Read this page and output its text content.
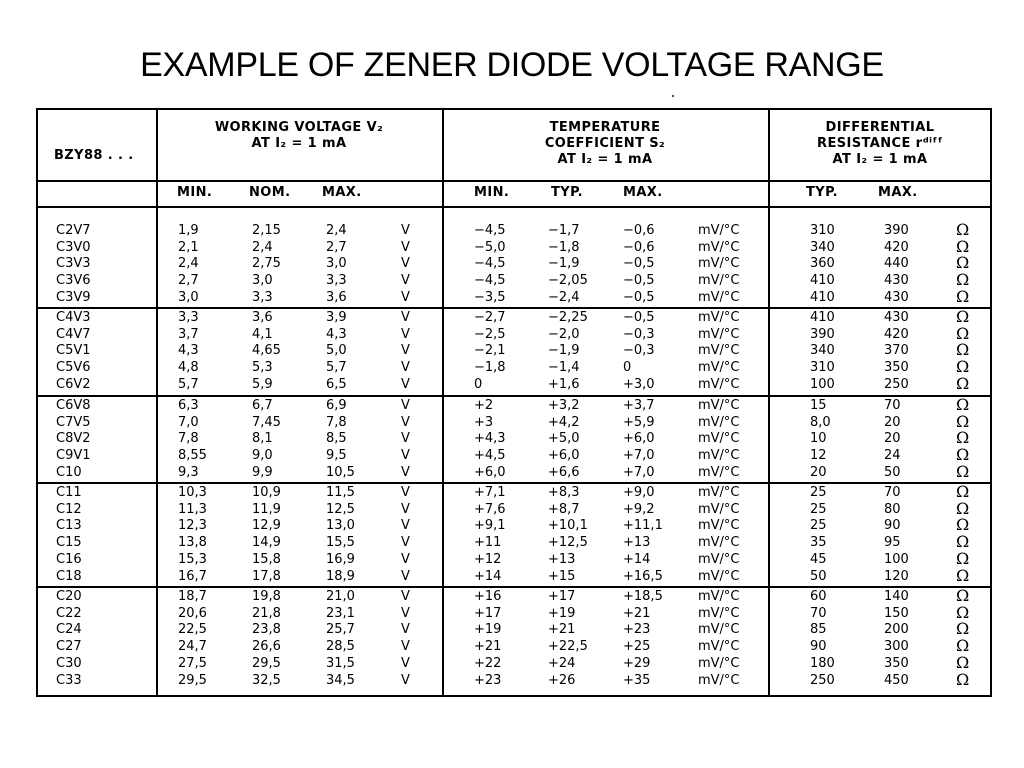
EXAMPLE OF ZENER DIODE VOLTAGE RANGE
BZY88 . . .
WORKING VOLTAGE V₂
AT I₂ = 1 mA
TEMPERATURE
COEFFICIENT S₂
AT I₂ = 1 mA
DIFFERENTIAL
RESISTANCE rᵈⁱᶠᶠ
AT I₂ = 1 mA
MIN.	NOM. MAX.	MIN.	TYP.	MAX.	TYP.	MAX.
C2V7	1,9	2,15	2,4	V	−4,5	−1,7	−0,6	mV/°C	310	390	Ω
C3V0	2,1	2,4	2,7	V	−5,0	−1,8	−0,6	mV/°C	340	420	Ω
C3V3	2,4	2,75	3,0	V	−4,5	−1,9	−0,5	mV/°C	360	440	Ω
C3V6	2,7	3,0	3,3	V	−4,5	−2,05	−0,5	mV/°C	410	430	Ω
C3V9	3,0	3,3	3,6	V	−3,5	−2,4	−0,5	mV/°C	410	430	Ω
C4V3	3,3	3,6	3,9	V	−2,7	−2,25	−0,5	mV/°C	410	430	Ω
C4V7	3,7	4,1	4,3	V	−2,5	−2,0	−0,3	mV/°C	390	420	Ω
C5V1	4,3	4,65	5,0	V	−2,1	−1,9	−0,3	mV/°C	340	370	Ω
C5V6	4,8	5,3	5,7	V	−1,8	−1,4	0	mV/°C	310	350	Ω
C6V2	5,7	5,9	6,5	V	0	+1,6	+3,0	mV/°C	100	250	Ω
C6V8	6,3	6,7	6,9	V	+2	+3,2	+3,7	mV/°C	15	70	Ω
C7V5	7,0	7,45	7,8	V	+3	+4,2	+5,9	mV/°C	8,0	20	Ω
C8V2	7,8	8,1	8,5	V	+4,3	+5,0	+6,0	mV/°C	10	20	Ω
C9V1	8,55	9,0	9,5	V	+4,5	+6,0	+7,0	mV/°C	12	24	Ω
C10	9,3	9,9	10,5	V	+6,0	+6,6	+7,0	mV/°C	20	50	Ω
C11	10,3	10,9	11,5	V	+7,1	+8,3	+9,0	mV/°C	25	70	Ω
C12	11,3	11,9	12,5	V	+7,6	+8,7	+9,2	mV/°C	25	80	Ω
C13	12,3	12,9	13,0	V	+9,1	+10,1	+11,1	mV/°C	25	90	Ω
C15	13,8	14,9	15,5	V	+11	+12,5	+13	mV/°C	35	95	Ω
C16	15,3	15,8	16,9	V	+12	+13	+14	mV/°C	45	100	Ω
C18	16,7	17,8	18,9	V	+14	+15	+16,5	mV/°C	50	120	Ω
C20	18,7	19,8	21,0	V	+16	+17	+18,5	mV/°C	60	140	Ω
C22	20,6	21,8	23,1	V	+17	+19	+21	mV/°C	70	150	Ω
C24	22,5	23,8	25,7	V	+19	+21	+23	mV/°C	85	200	Ω
C27	24,7	26,6	28,5	V	+21	+22,5	+25	mV/°C	90	300	Ω
C30	27,5	29,5	31,5	V	+22	+24	+29	mV/°C	180	350	Ω
C33	29,5	32,5	34,5	V	+23	+26	+35	mV/°C	250	450	Ω
